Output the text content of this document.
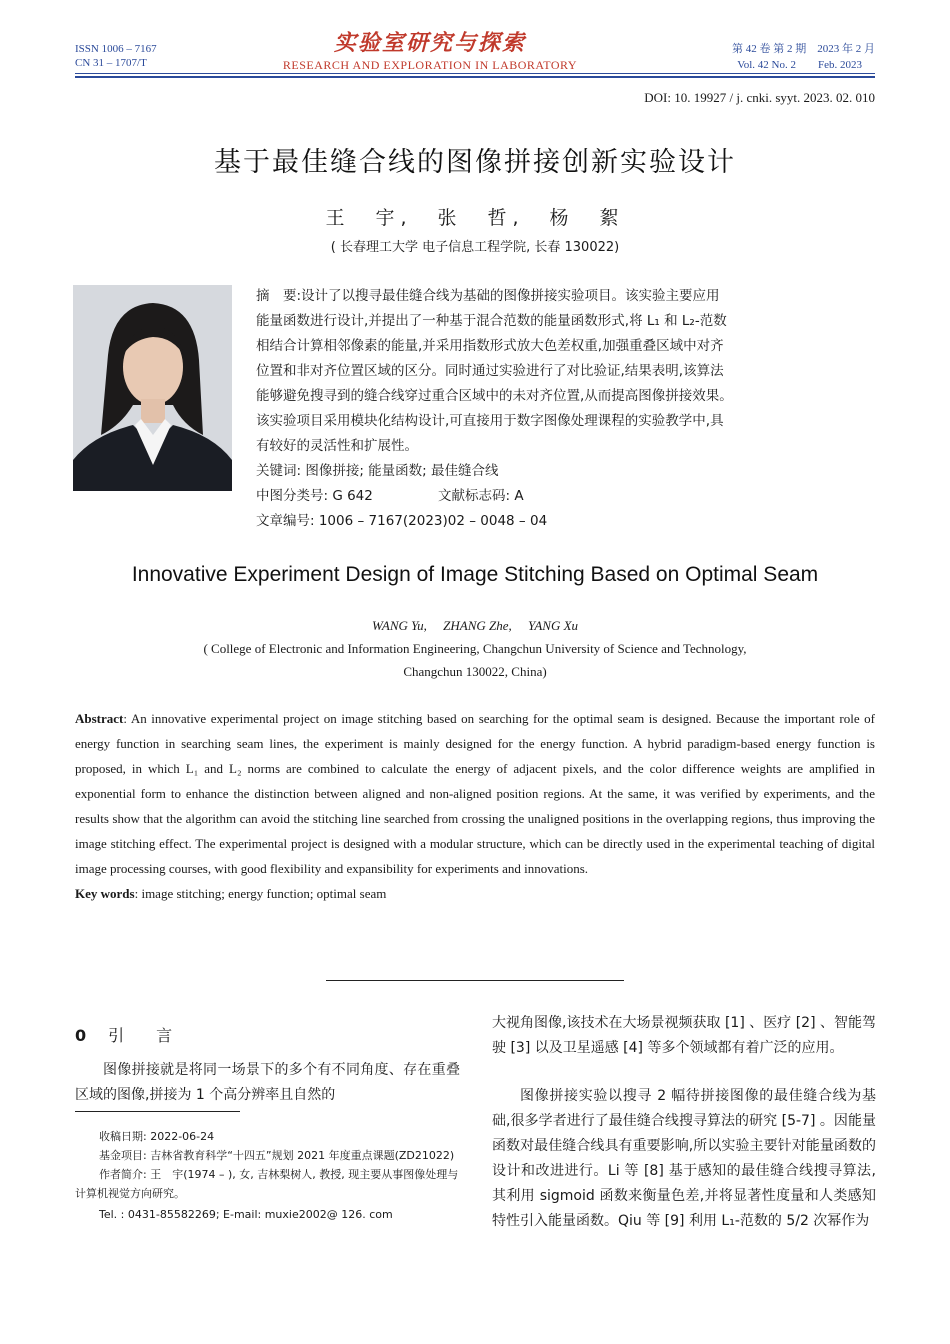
ISSN 1006 – 7167
CN 31 – 1707/T
实验室研究与探索
RESEARCH AND EXPLORATION IN LABORATORY
第 42 卷 第 2 期　2023 年 2 月
Vol. 42 No. 2　　Feb. 2023
DOI: 10. 19927 / j. cnki. syyt. 2023. 02. 010
基于最佳缝合线的图像拼接创新实验设计
王　宇,　张　哲,　杨　絮
( 长春理工大学 电子信息工程学院, 长春 130022)
摘　要:设计了以搜寻最佳缝合线为基础的图像拼接实验项目。该实验主要应用
能量函数进行设计,并提出了一种基于混合范数的能量函数形式,将 L₁ 和 L₂-范数
相结合计算相邻像素的能量,并采用指数形式放大色差权重,加强重叠区域中对齐
位置和非对齐位置区域的区分。同时通过实验进行了对比验证,结果表明,该算法
能够避免搜寻到的缝合线穿过重合区域中的未对齐位置,从而提高图像拼接效果。
该实验项目采用模块化结构设计,可直接用于数字图像处理课程的实验教学中,具
有较好的灵活性和扩展性。
关键词: 图像拼接; 能量函数; 最佳缝合线
中图分类号: G 642	文献标志码: A
文章编号: 1006 – 7167(2023)02 – 0048 – 04
Innovative Experiment Design of Image Stitching Based on Optimal Seam
WANG Yu,　 ZHANG Zhe,　 YANG Xu
( College of Electronic and Information Engineering, Changchun University of Science and Technology,
Changchun 130022, China)

Abstract: An innovative experimental project on image stitching based on searching for the optimal seam is designed. Because the important role of energy function in searching seam lines, the experiment is mainly designed for the energy function. A hybrid paradigm-based energy function is proposed, in which L₁ and L₂ norms are combined to calculate the energy of adjacent pixels, and the color difference weights are amplified in exponential form to enhance the distinction between aligned and non-aligned position regions. At the same, it was verified by experiments, and the results show that the algorithm can avoid the stitching line searched from crossing the unaligned positions in the overlapping regions, thus improving the image stitching effect. The experimental project is designed with a modular structure, which can be directly used in the experimental teaching of digital image processing courses, with good flexibility and expansibility for experiments and innovations.

Key words: image stitching; energy function; optimal seam

0 引　言
图像拼接就是将同一场景下的多个有不同角度、存在重叠区域的图像,拼接为 1 个高分辨率且自然的
收稿日期: 2022-06-24
基金项目: 吉林省教育科学“十四五”规划 2021 年度重点课题(ZD21022)
作者简介: 王　宇(1974 – ), 女, 吉林梨树人, 教授, 现主要从事图像处理与计算机视觉方向研究。
Tel. : 0431-85582269; E-mail: muxie2002@ 126. com
大视角图像,该技术在大场景视频获取 [1] 、医疗 [2] 、智能驾驶 [3] 以及卫星遥感 [4] 等多个领域都有着广泛的应用。
图像拼接实验以搜寻 2 幅待拼接图像的最佳缝合线为基础,很多学者进行了最佳缝合线搜寻算法的研究 [5-7] 。因能量函数对最佳缝合线具有重要影响,所以实验主要针对能量函数的设计和改进进行。Li 等 [8] 基于感知的最佳缝合线搜寻算法,其利用 sigmoid 函数来衡量色差,并将显著性度量和人类感知特性引入能量函数。Qiu 等 [9] 利用 L₁-范数的 5/2 次幂作为
